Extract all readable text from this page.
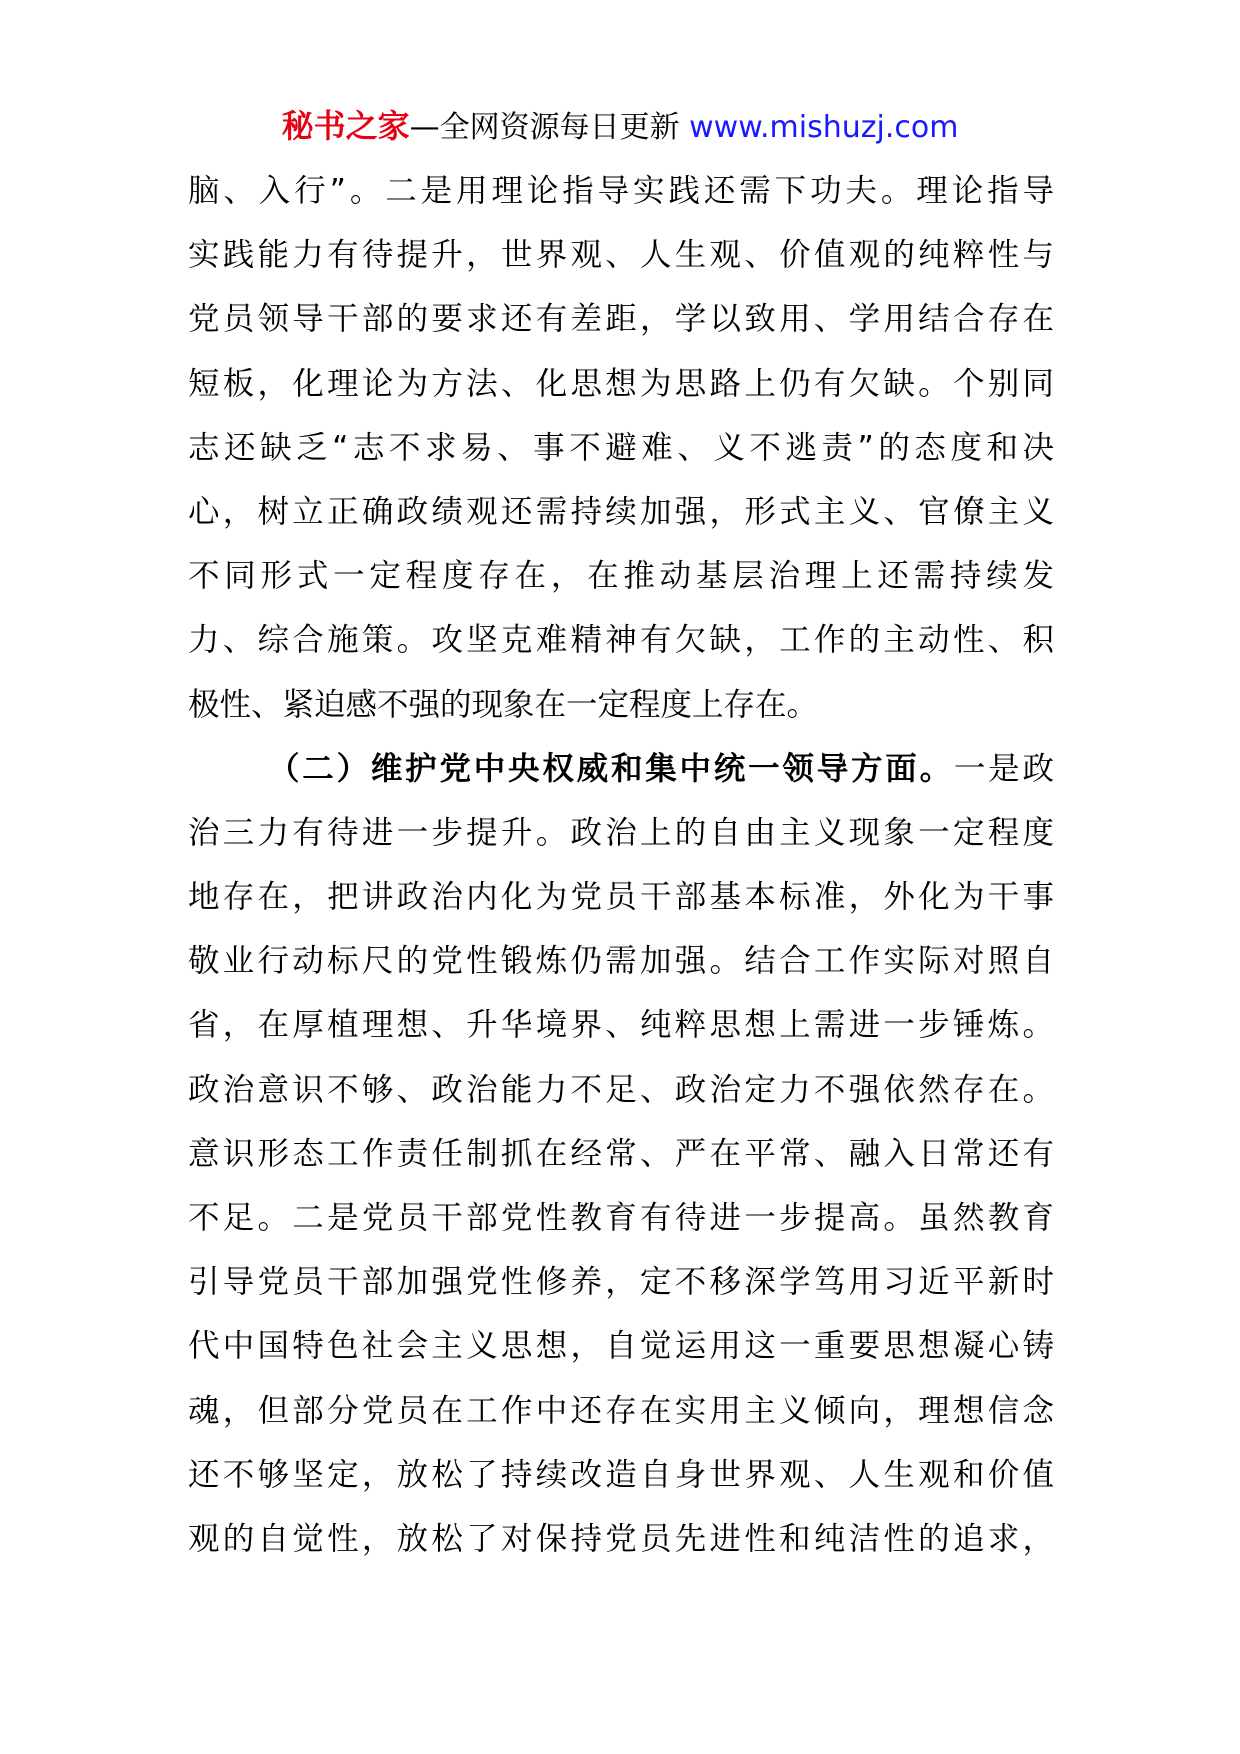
秘书之家—全网资源每日更新 www.mishuzj.com
脑、入行”。二是用理论指导实践还需下功夫。理论指导
实践能力有待提升，世界观、人生观、价值观的纯粹性与
党员领导干部的要求还有差距，学以致用、学用结合存在
短板，化理论为方法、化思想为思路上仍有欠缺。个别同
志还缺乏“志不求易、事不避难、义不逃责”的态度和决
心，树立正确政绩观还需持续加强，形式主义、官僚主义
不同形式一定程度存在，在推动基层治理上还需持续发
力、综合施策。攻坚克难精神有欠缺，工作的主动性、积
极性、紧迫感不强的现象在一定程度上存在。
（二）维护党中央权威和集中统一领导方面。一是政
治三力有待进一步提升。政治上的自由主义现象一定程度
地存在，把讲政治内化为党员干部基本标准，外化为干事
敬业行动标尺的党性锻炼仍需加强。结合工作实际对照自
省，在厚植理想、升华境界、纯粹思想上需进一步锤炼。
政治意识不够、政治能力不足、政治定力不强依然存在。
意识形态工作责任制抓在经常、严在平常、融入日常还有
不足。二是党员干部党性教育有待进一步提高。虽然教育
引导党员干部加强党性修养，定不移深学笃用习近平新时
代中国特色社会主义思想，自觉运用这一重要思想凝心铸
魂，但部分党员在工作中还存在实用主义倾向，理想信念
还不够坚定，放松了持续改造自身世界观、人生观和价值
观的自觉性，放松了对保持党员先进性和纯洁性的追求，
